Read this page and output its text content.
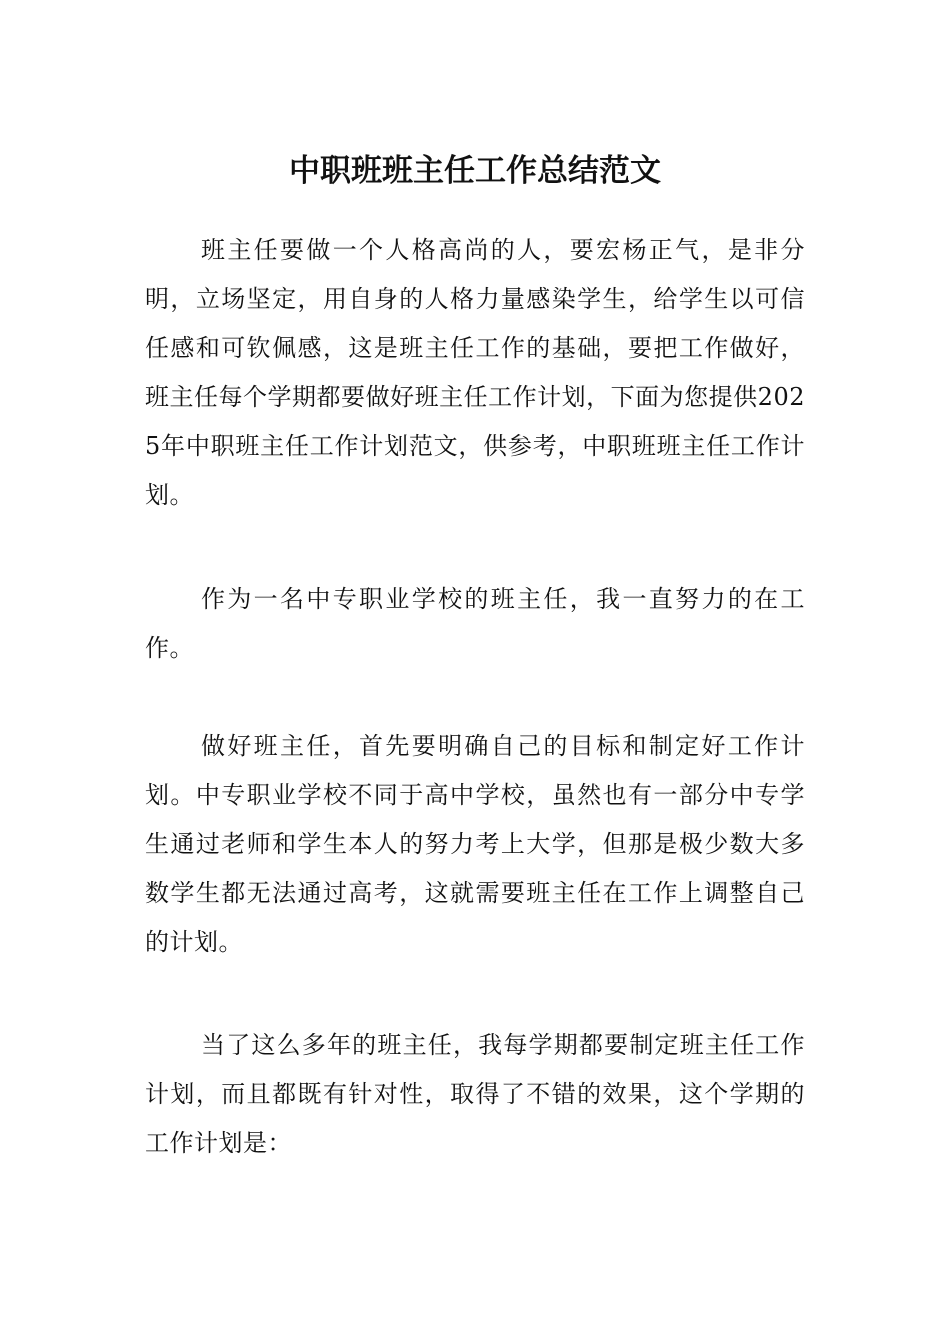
中职班班主任工作总结范文

班主任要做一个人格高尚的人，要宏杨正气，是非分明，立场坚定，用自身的人格力量感染学生，给学生以可信任感和可钦佩感，这是班主任工作的基础，要把工作做好，班主任每个学期都要做好班主任工作计划，下面为您提供2025年中职班主任工作计划范文，供参考，中职班班主任工作计划。

作为一名中专职业学校的班主任，我一直努力的在工作。

做好班主任，首先要明确自己的目标和制定好工作计划。中专职业学校不同于高中学校，虽然也有一部分中专学生通过老师和学生本人的努力考上大学，但那是极少数大多数学生都无法通过高考，这就需要班主任在工作上调整自己的计划。

当了这么多年的班主任，我每学期都要制定班主任工作计划，而且都既有针对性，取得了不错的效果，这个学期的工作计划是：
